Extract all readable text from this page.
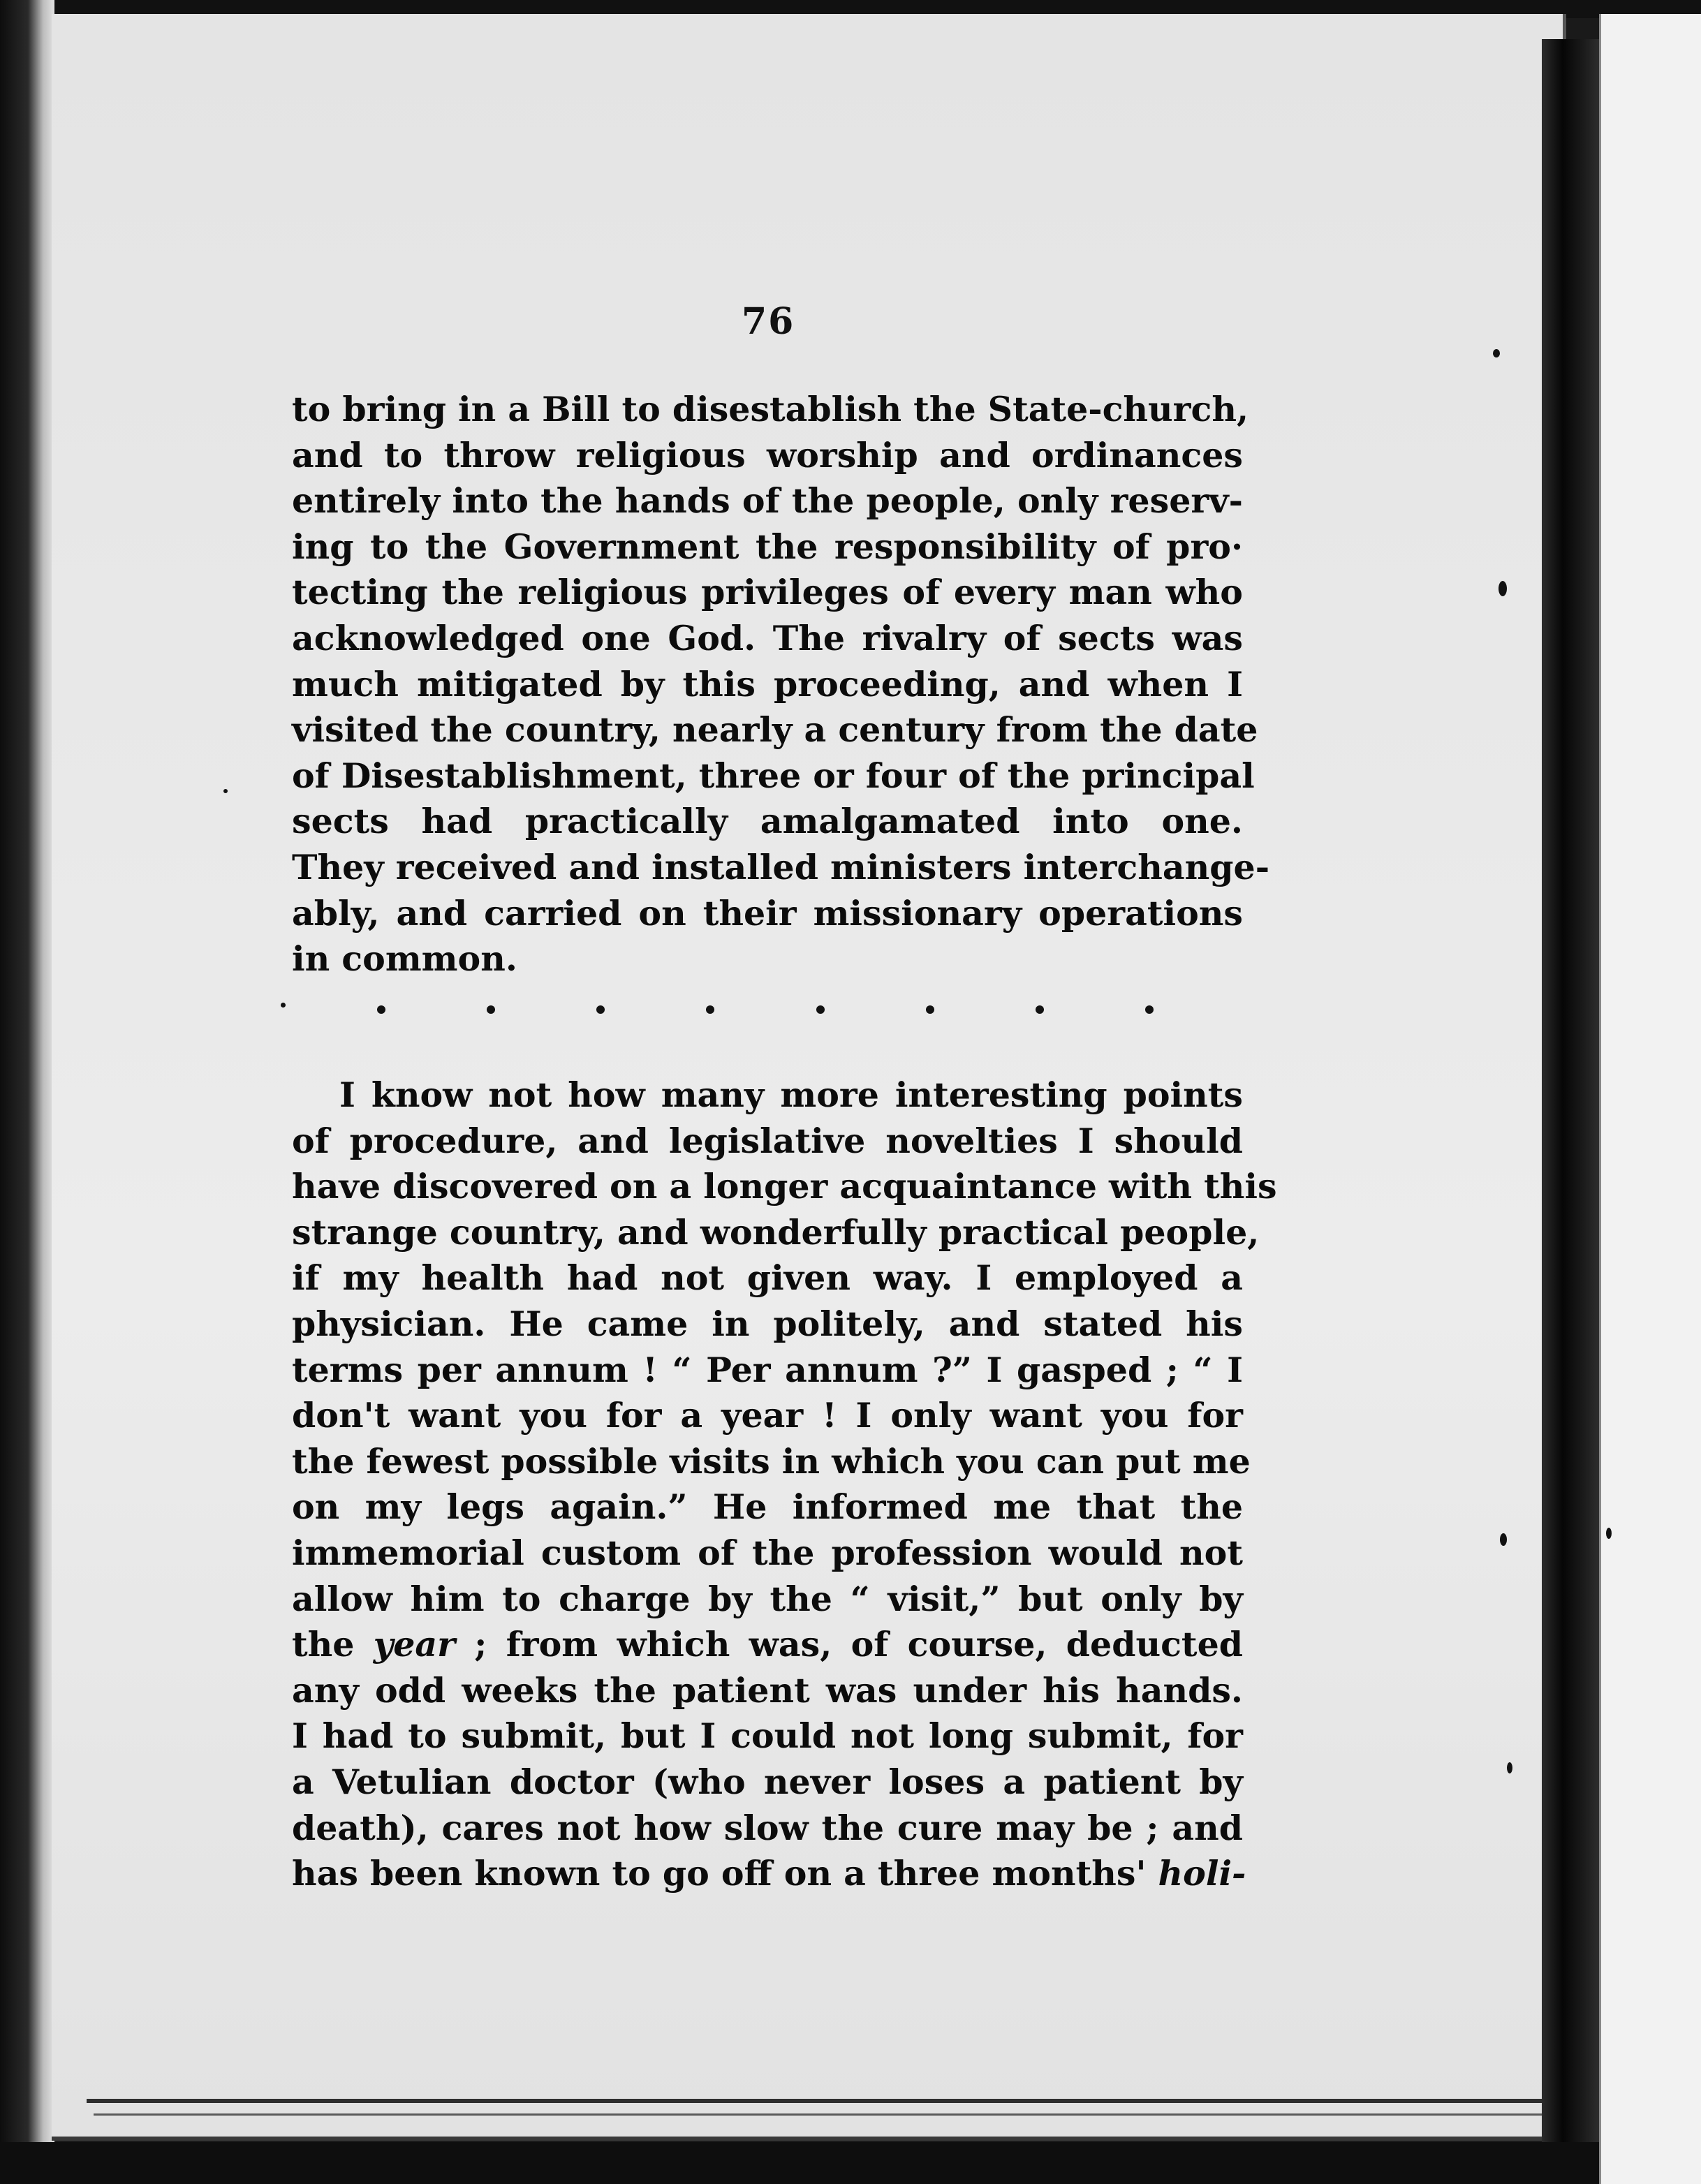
76
to bring in a Bill to disestablish the State-church,
and to throw religious worship and ordinances
entirely into the hands of the people, only reserv-
ing to the Government the responsibility of pro·
tecting the religious privileges of every man who
acknowledged one God. The rivalry of sects was
much mitigated by this proceeding, and when I
visited the country, nearly a century from the date
of Disestablishment, three or four of the principal
sects had practically amalgamated into one.
They received and installed ministers interchange-
ably, and carried on their missionary operations
in common.
I know not how many more interesting points
of procedure, and legislative novelties I should
have discovered on a longer acquaintance with this
strange country, and wonderfully practical people,
if my health had not given way. I employed a
physician. He came in politely, and stated his
terms per annum ! “ Per annum ?” I gasped ; “ I
don't want you for a year ! I only want you for
the fewest possible visits in which you can put me
on my legs again.” He informed me that the
immemorial custom of the profession would not
allow him to charge by the “ visit,” but only by
the year ; from which was, of course, deducted
any odd weeks the patient was under his hands.
I had to submit, but I could not long submit, for
a Vetulian doctor (who never loses a patient by
death), cares not how slow the cure may be ; and
has been known to go off on a three months' holi-
